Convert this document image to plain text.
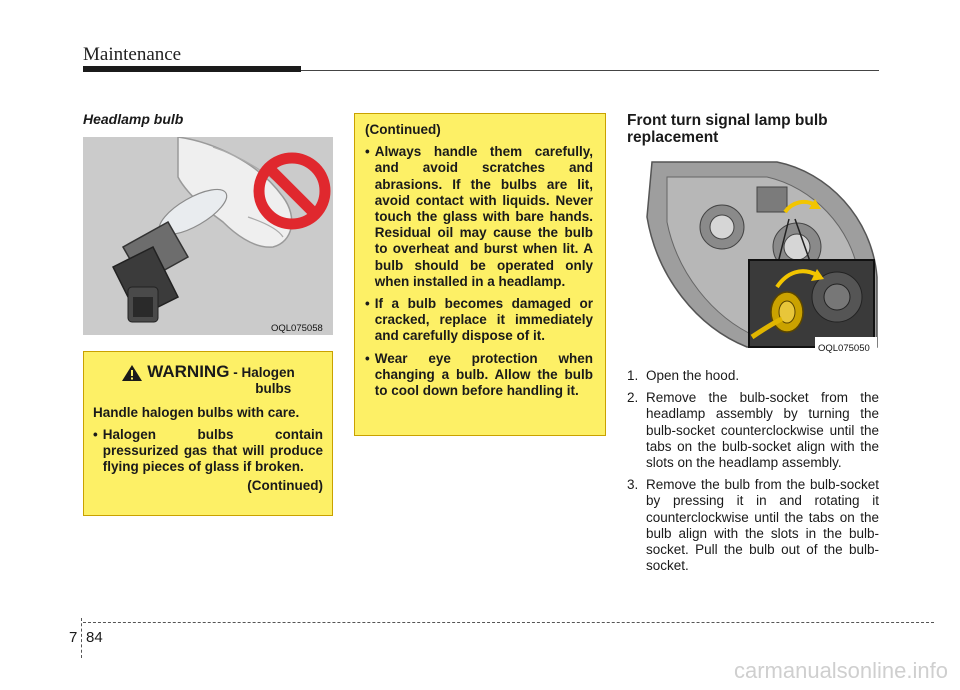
Maintenance
Headlamp bulb
OQL075058
WARNING - Halogen
bulbs
Handle halogen bulbs with care.
• Halogen bulbs contain pressurized gas that will produce flying pieces of glass if broken.
(Continued)
(Continued)
• Always handle them carefully, and avoid scratches and abrasions. If the bulbs are lit, avoid contact with liquids. Never touch the glass with bare hands. Residual oil may cause the bulb to overheat and burst when lit. A bulb should be operated only when installed in a headlamp.
• If a bulb becomes damaged or cracked, replace it immediately and carefully dispose of it.
• Wear eye protection when changing a bulb. Allow the bulb to cool down before handling it.
Front turn signal lamp bulb replacement
OQL075050
1. Open the hood.
2. Remove the bulb-socket from the headlamp assembly by turning the bulb-socket counterclockwise until the tabs on the bulb-socket align with the slots on the headlamp assembly.
3. Remove the bulb from the bulb-socket by pressing it in and rotating it counterclockwise until the tabs on the bulb align with the slots in the bulb-socket. Pull the bulb out of the bulb-socket.
7 84
carmanualsonline.info
